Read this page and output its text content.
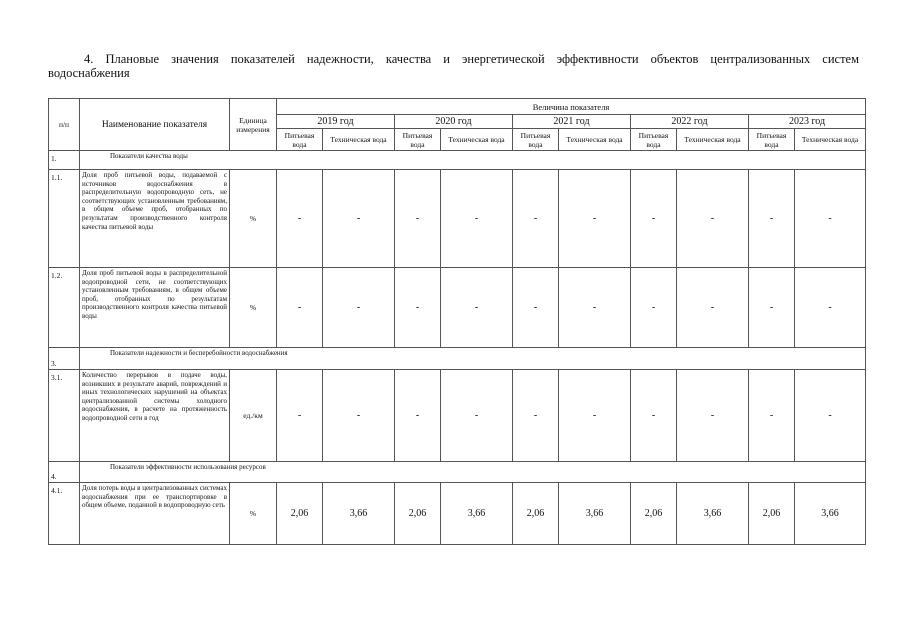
4. Плановые значения показателей надежности, качества и энергетической эффективности объектов централизованных систем
водоснабжения
п/п	Наименование показателя	Единица измерения	Величина показателя									
			2019 год		2020 год		2021 год		2022 год		2023 год	
			Питьевая вода	Техническая вода	Питьевая вода	Техническая вода	Питьевая вода	Техническая вода	Питьевая вода	Техническая вода	Питьевая вода	Техническая вода
1.	Показатели качества воды											
1.1.	Доля проб питьевой воды, подаваемой с источников водоснабжения в распределительную водопроводную сеть, не соответствующих установленным требованиям, в общем объеме проб, отобранных по результатам производственного контроля качества питьевой воды	%	-	-	-	-	-	-	-	-	-	-
1.2.	Доля проб питьевой воды в распределительной водопроводной сети, не соответствующих установленным требованиям, в общем объеме проб, отобранных по результатам производственного контроля качества питьевой воды	%	-	-	-	-	-	-	-	-	-	-
3.	Показатели надежности и бесперебойности водоснабжения											
3.1.	Количество перерывов в подаче воды, возникших в результате аварий, повреждений и иных технологических нарушений на объектах централизованной системы холодного водоснабжения, в расчете на протяженность водопроводной сети в год	ед./км	-	-	-	-	-	-	-	-	-	-
4.	Показатели эффективности использования ресурсов											
4.1.	Доля потерь воды в централизованных системах водоснабжения при ее транспортировке в общем объеме, поданной в водопроводную сеть	%	2,06	3,66	2,06	3,66	2,06	3,66	2,06	3,66	2,06	3,66
